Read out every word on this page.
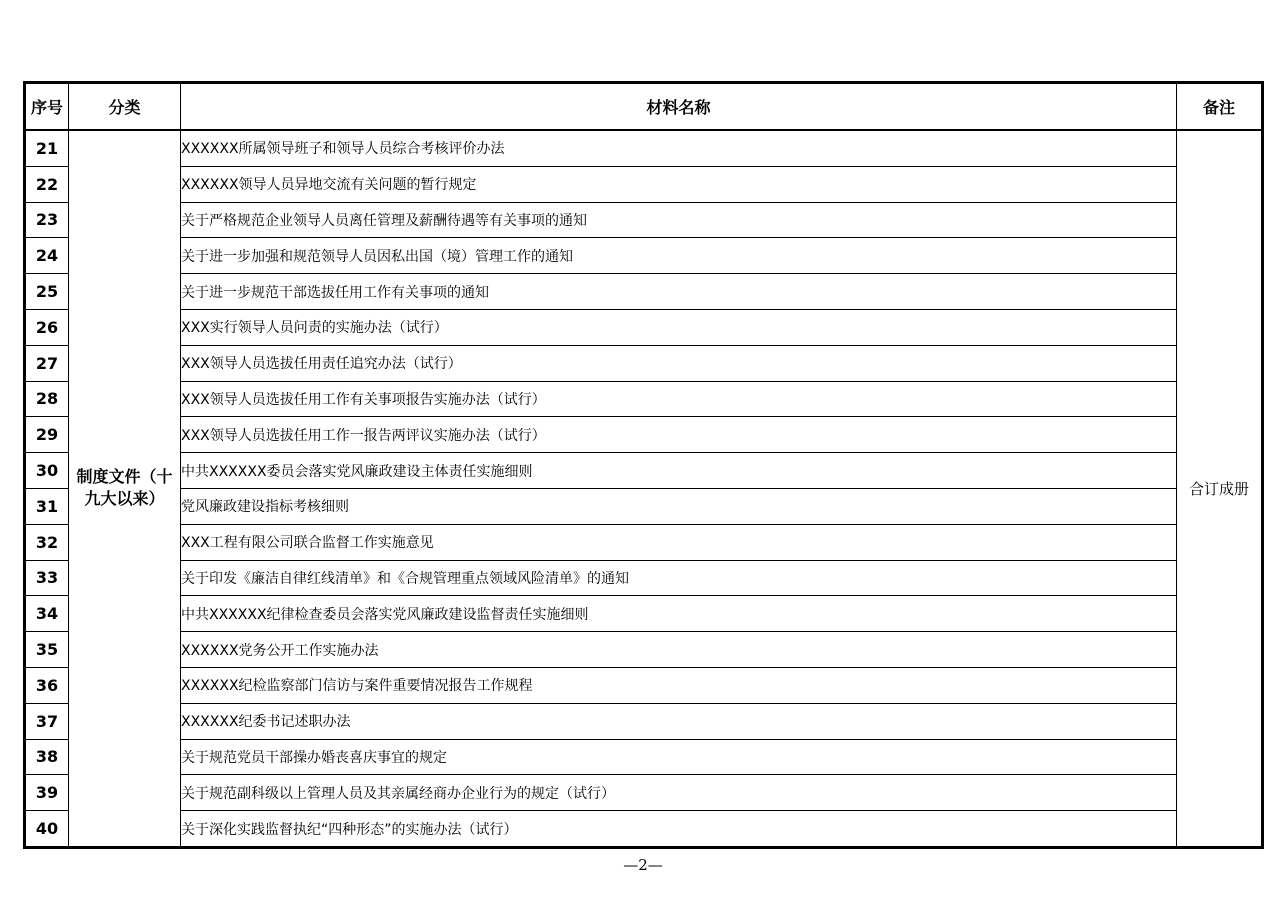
序号	分类	材料名称	备注
21	制度文件（十九大以来）	XXXXXX所属领导班子和领导人员综合考核评价办法	合订成册
22		XXXXXX领导人员异地交流有关问题的暂行规定	
23		关于严格规范企业领导人员离任管理及薪酬待遇等有关事项的通知	
24		关于进一步加强和规范领导人员因私出国（境）管理工作的通知	
25		关于进一步规范干部选拔任用工作有关事项的通知	
26		XXX实行领导人员问责的实施办法（试行）	
27		XXX领导人员选拔任用责任追究办法（试行）	
28		XXX领导人员选拔任用工作有关事项报告实施办法（试行）	
29		XXX领导人员选拔任用工作一报告两评议实施办法（试行）	
30		中共XXXXXX委员会落实党风廉政建设主体责任实施细则	
31		党风廉政建设指标考核细则	
32		XXX工程有限公司联合监督工作实施意见	
33		关于印发《廉洁自律红线清单》和《合规管理重点领域风险清单》的通知	
34		中共XXXXXX纪律检查委员会落实党风廉政建设监督责任实施细则	
35		XXXXXX党务公开工作实施办法	
36		XXXXXX纪检监察部门信访与案件重要情况报告工作规程	
37		XXXXXX纪委书记述职办法	
38		关于规范党员干部操办婚丧喜庆事宜的规定	
39		关于规范副科级以上管理人员及其亲属经商办企业行为的规定（试行）	
40		关于深化实践监督执纪“四种形态”的实施办法（试行）	
—2—
